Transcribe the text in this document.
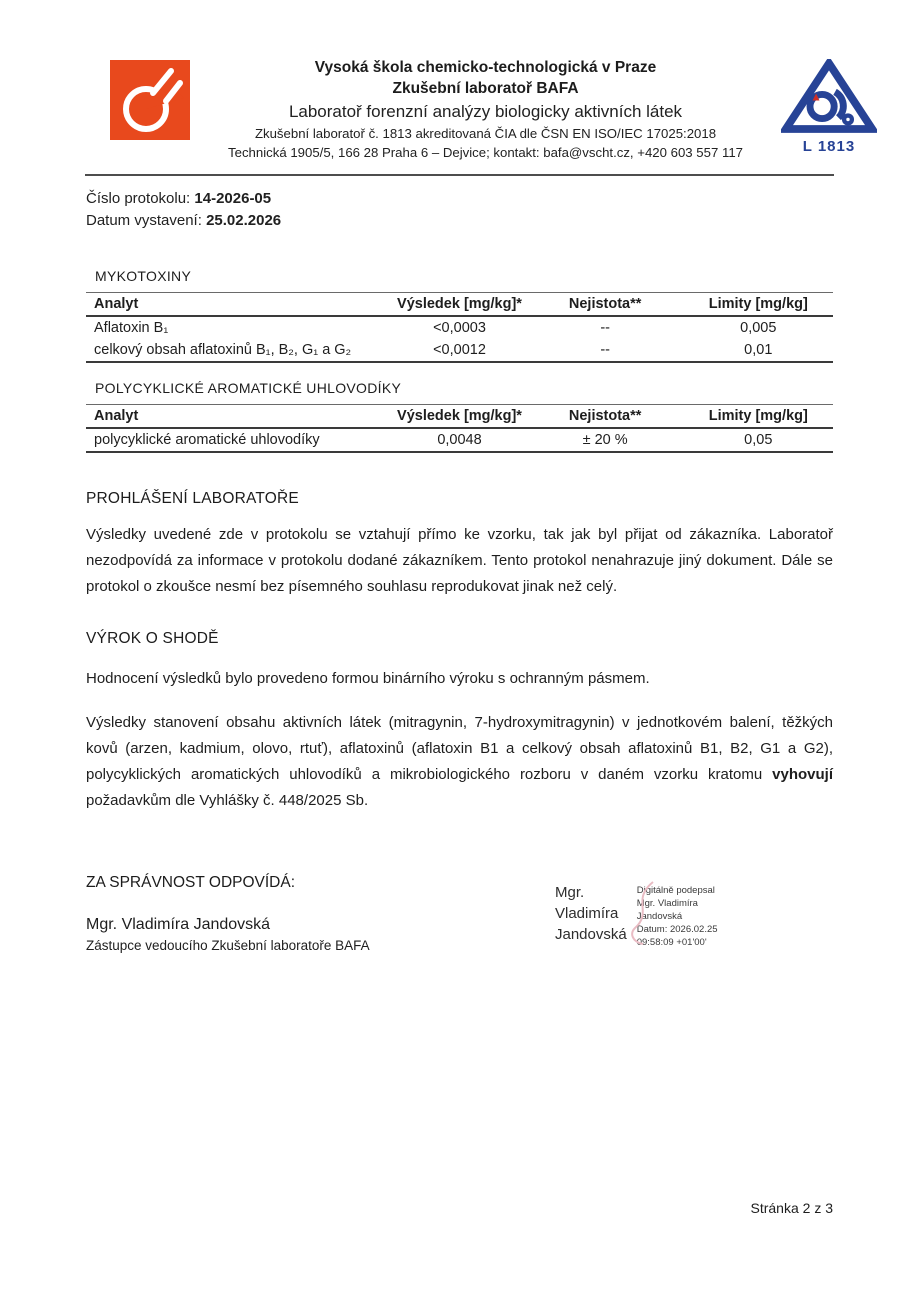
Vysoká škola chemicko-technologická v Praze
Zkušební laboratoř BAFA
Laboratoř forenzní analýzy biologicky aktivních látek
Zkušební laboratoř č. 1813 akreditovaná ČIA dle ČSN EN ISO/IEC 17025:2018
Technická 1905/5, 166 28 Praha 6 – Dejvice; kontakt: bafa@vscht.cz, +420 603 557 117	L 1813
Číslo protokolu: 14-2026-05
Datum vystavení: 25.02.2026
MYKOTOXINY
Analyt	Výsledek [mg/kg]*	Nejistota**	Limity [mg/kg]
Aflatoxin B₁	<0,0003	--	0,005
celkový obsah aflatoxinů B₁, B₂, G₁ a G₂	<0,0012	--	0,01
POLYCYKLICKÉ AROMATICKÉ UHLOVODÍKY
Analyt	Výsledek [mg/kg]*	Nejistota**	Limity [mg/kg]
polycyklické aromatické uhlovodíky	0,0048	± 20 %	0,05
PROHLÁŠENÍ LABORATOŘE

Výsledky uvedené zde v protokolu se vztahují přímo ke vzorku, tak jak byl přijat od zákazníka. Laboratoř nezodpovídá za informace v protokolu dodané zákazníkem. Tento protokol nenahrazuje jiný dokument. Dále se protokol o zkoušce nesmí bez písemného souhlasu reprodukovat jinak než celý.

VÝROK O SHODĚ

Hodnocení výsledků bylo provedeno formou binárního výroku s ochranným pásmem.

Výsledky stanovení obsahu aktivních látek (mitragynin, 7-hydroxymitragynin) v jednotkovém balení, těžkých kovů (arzen, kadmium, olovo, rtuť), aflatoxinů (aflatoxin B1 a celkový obsah aflatoxinů B1, B2, G1 a G2), polycyklických aromatických uhlovodíků a mikrobiologického rozboru v daném vzorku kratomu vyhovují požadavkům dle Vyhlášky č. 448/2025 Sb.

ZA SPRÁVNOST ODPOVÍDÁ:
Mgr. Vladimíra Jandovská
Zástupce vedoucího Zkušební laboratoře BAFA
Mgr.
Vladimíra
Jandovská
Digitálně podepsal
Mgr. Vladimíra
Jandovská
Datum: 2026.02.25
09:58:09 +01'00'
Stránka 2 z 3
